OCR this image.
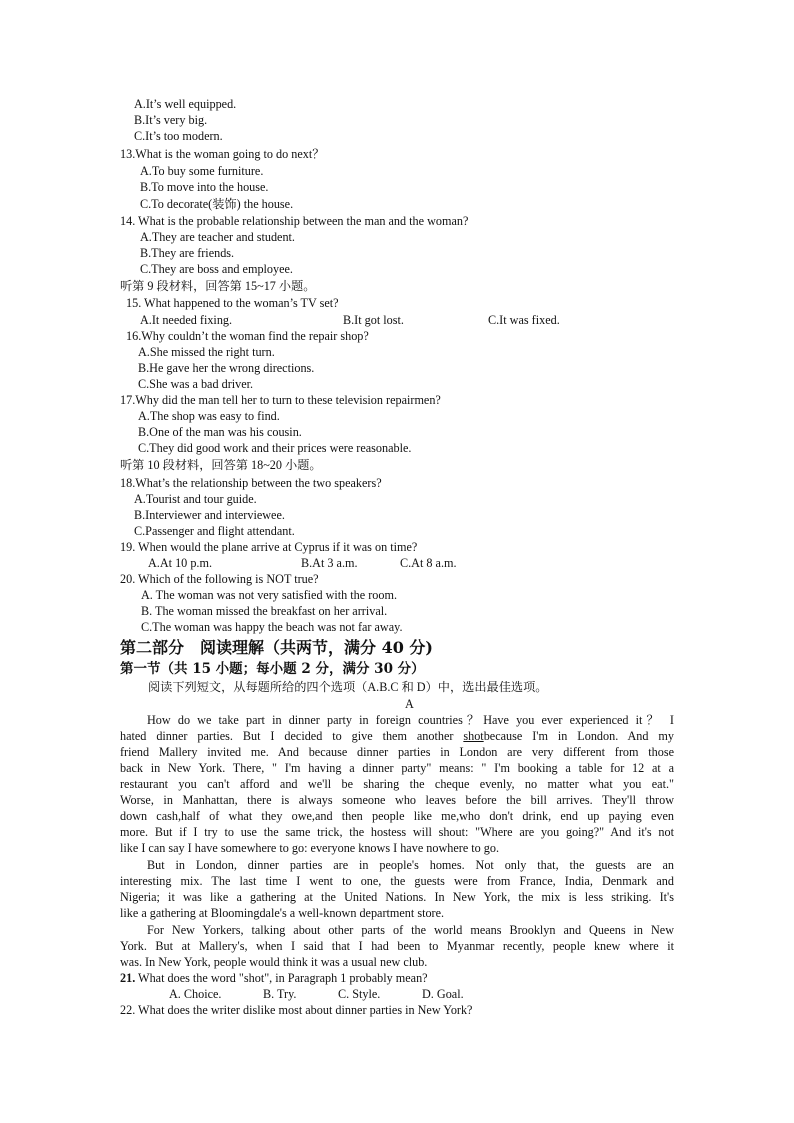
A.It’s well equipped.
B.It’s very big.
C.It’s too modern.
13.What is the woman going to do next？
A.To buy some furniture.
B.To move into the house.
C.To decorate(装饰) the house.
14. What is the probable relationship between the man and the woman?
A.They are teacher and student.
B.They are friends.
C.They are boss and employee.
听第 9 段材料，回答第 15~17 小题。
15. What happened to the woman’s TV set?
A.It needed fixing.	B.It got lost.	C.It was fixed.
16.Why couldn’t the woman find the repair shop?
A.She missed the right turn.
B.He gave her the wrong directions.
C.She was a bad driver.
17.Why did the man tell her to turn to these television repairmen?
A.The shop was easy to find.
B.One of the man was his cousin.
C.They did good work and their prices were reasonable.
听第 10 段材料，回答第 18~20 小题。
18.What’s the relationship between the two speakers?
A.Tourist and tour guide.
B.Interviewer and interviewee.
C.Passenger and flight attendant.
19. When would the plane arrive at Cyprus if it was on time?
A.At 10 p.m.	B.At 3 a.m.	C.At 8 a.m.
20. Which of the following is NOT true?
A. The woman was not very satisfied with the room.
B. The woman missed the breakfast on her arrival.
C.The woman was happy the beach was not far away.
第二部分　阅读理解（共两节，满分 40 分)
第一节（共 15 小题；每小题 2 分，满分 30 分）
阅读下列短文，从每题所给的四个选项（A.B.C 和 D）中，选出最佳选项。
A
How do we take part in dinner party in foreign countries？Have you ever experienced it？ I
hated dinner parties. But I decided to give them another shotbecause I'm in London. And my
friend Mallery invited me. And because dinner parties in London are very different from those
back in New York. There, " I'm having a dinner party" means: " I'm booking a table for 12 at a
restaurant you can't afford and we'll be sharing the cheque evenly, no matter what you eat."
Worse, in Manhattan, there is always someone who leaves before the bill arrives. They'll throw
down cash,half of what they owe,and then people like me,who don't drink, end up paying even
more. But if I try to use the same trick, the hostess will shout: "Where are you going?" And it's not
like I can say I have somewhere to go: everyone knows I have nowhere to go.
But in London, dinner parties are in people's homes. Not only that, the guests are an
interesting mix. The last time I went to one, the guests were from France, India, Denmark and
Nigeria; it was like a gathering at the United Nations. In New York, the mix is less striking. It's
like a gathering at Bloomingdale's a well-known department store.
For New Yorkers, talking about other parts of the world means Brooklyn and Queens in New
York. But at Mallery's, when I said that I had been to Myanmar recently, people knew where it
was. In New York, people would think it was a usual new club.
21. What does the word "shot", in Paragraph 1 probably mean?
A. Choice.	B. Try.	C. Style.	D. Goal.
22. What does the writer dislike most about dinner parties in New York?
